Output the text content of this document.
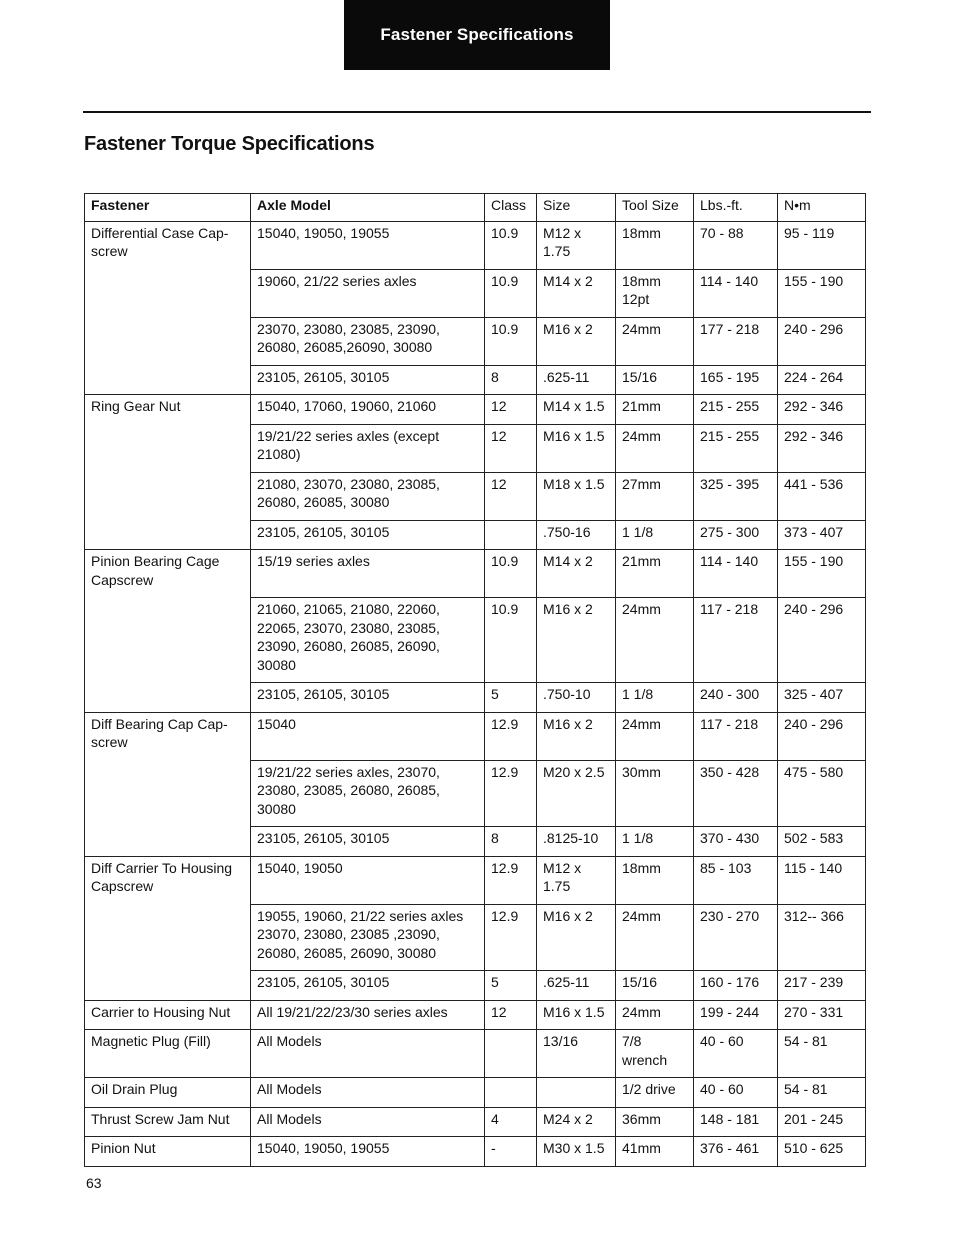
Fastener Specifications
Fastener Torque Specifications
Fastener	Axle Model	Class	Size	Tool Size	Lbs.-ft.	N•m
Differential Case Cap-screw	15040, 19050, 19055	10.9	M12 x 1.75	18mm	70 - 88	95 - 119
	19060, 21/22 series axles	10.9	M14 x 2	18mm 12pt	114 - 140	155 - 190
	23070, 23080, 23085, 23090, 26080, 26085,26090, 30080	10.9	M16 x 2	24mm	177 - 218	240 - 296
	23105, 26105, 30105	8	.625-11	15/16	165 - 195	224 - 264
Ring Gear Nut	15040, 17060, 19060, 21060	12	M14 x 1.5	21mm	215 - 255	292 - 346
	19/21/22 series axles (except 21080)	12	M16 x 1.5	24mm	215 - 255	292 - 346
	21080, 23070, 23080, 23085, 26080, 26085, 30080	12	M18 x 1.5	27mm	325 - 395	441 - 536
	23105, 26105, 30105		.750-16	1 1/8	275 - 300	373 - 407
Pinion Bearing Cage Capscrew	15/19 series axles	10.9	M14 x 2	21mm	114 - 140	155 - 190
	21060, 21065, 21080, 22060, 22065, 23070, 23080, 23085, 23090, 26080, 26085, 26090, 30080	10.9	M16 x 2	24mm	117 - 218	240 - 296
	23105, 26105, 30105	5	.750-10	1 1/8	240 - 300	325 - 407
Diff Bearing Cap Cap-screw	15040	12.9	M16 x 2	24mm	117 - 218	240 - 296
	19/21/22 series axles, 23070, 23080, 23085, 26080, 26085, 30080	12.9	M20 x 2.5	30mm	350 - 428	475 - 580
	23105, 26105, 30105	8	.8125-10	1 1/8	370 - 430	502 - 583
Diff Carrier To Housing Capscrew	15040, 19050	12.9	M12 x 1.75	18mm	85 - 103	115 - 140
	19055, 19060, 21/22 series axles 23070, 23080, 23085 ,23090, 26080, 26085, 26090, 30080	12.9	M16 x 2	24mm	230 - 270	312-- 366
	23105, 26105, 30105	5	.625-11	15/16	160 - 176	217 - 239
Carrier to Housing Nut	All 19/21/22/23/30 series axles	12	M16 x 1.5	24mm	199 - 244	270 - 331
Magnetic Plug (Fill)	All Models		13/16	7/8 wrench	40 - 60	54 - 81
Oil Drain Plug	All Models			1/2 drive	40 - 60	54 - 81
Thrust Screw Jam Nut	All Models	4	M24 x 2	36mm	148 - 181	201 - 245
Pinion Nut	15040, 19050, 19055	-	M30 x 1.5	41mm	376 - 461	510 - 625
63
